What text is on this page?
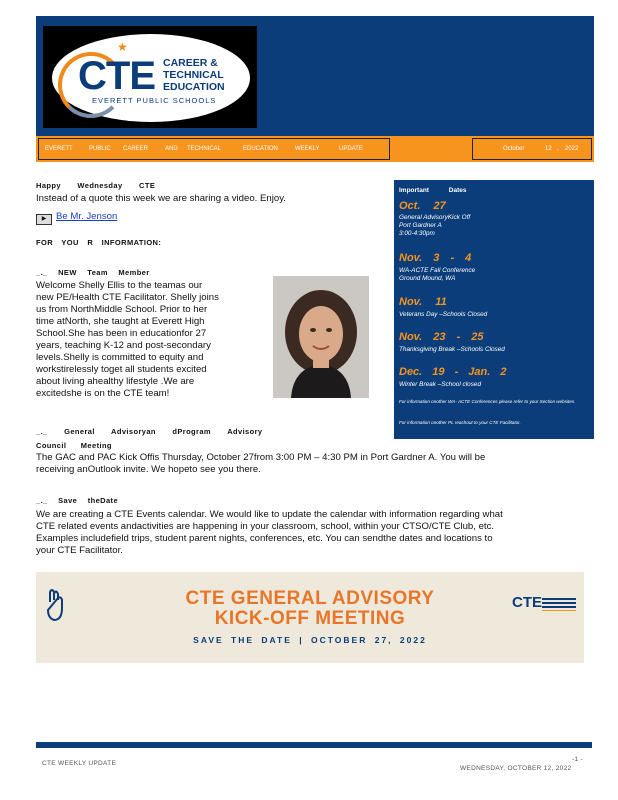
CTE
★
CAREER &
TECHNICAL
EDUCATION
EVERETT PUBLIC SCHOOLS
EVERETT	PUBLIC CAREER	AND TECHNICAL	EDUCATION	WEEKLY	UPDATE	October	12 , 2022
Happy Wednesday CTE
Instead of a quote this week we are sharing a video. Enjoy.
▶ Be Mr. Jenson
FOR YOU R INFORMATION:
_._ NEW Team Member
Welcome Shelly Ellis to the teamas our
new PE/Health CTE Facilitator. Shelly joins
us from NorthMiddle School. Prior to her
time atNorth, she taught at Everett High
School.She has been in educationfor 27
years, teaching K-12 and post-secondary
levels.Shelly is committed to equity and
workstirelessly toget all students excited
about living ahealthy lifestyle .We are
excitedshe is on the CTE team!
Important Dates
Oct. 27
General AdvisoryKick Off
Port Gardner A
3:00-4:30pm
Nov. 3 - 4
WA-ACTE Fall Conference
Ground Mound, WA
Nov. 11
Veterans Day –Schools Closed
Nov. 23 - 25
Thanksgiving Break –Schools Closed
Dec. 19 - Jan. 2
Winter Break –School closed
For information onother WA- ACTE Conferences please refer to your Section websites.
For information onother PL reachout to your CTE Facilitator.
_._ General Advisoryan dProgram Advisory
Council Meeting
The GAC and PAC Kick Offis Thursday, October 27from 3:00 PM – 4:30 PM in Port Gardner A. You will be
receiving anOutlook invite. We hopeto see you there.
_._ Save theDate
We are creating a CTE Events calendar. We would like to update the calendar with information regarding what
CTE related events andactivities are happening in your classroom, school, within your CTSO/CTE Club, etc.
Examples includefield trips, student parent nights, conferences, etc. You can sendthe dates and locations to
your CTE Facilitator.
CTE GENERAL ADVISORY
KICK-OFF MEETING
SAVE THE DATE | OCTOBER 27, 2022
CTE
CTE WEEKLY UPDATE
-1 -
WEDNESDAY, OCTOBER 12, 2022
